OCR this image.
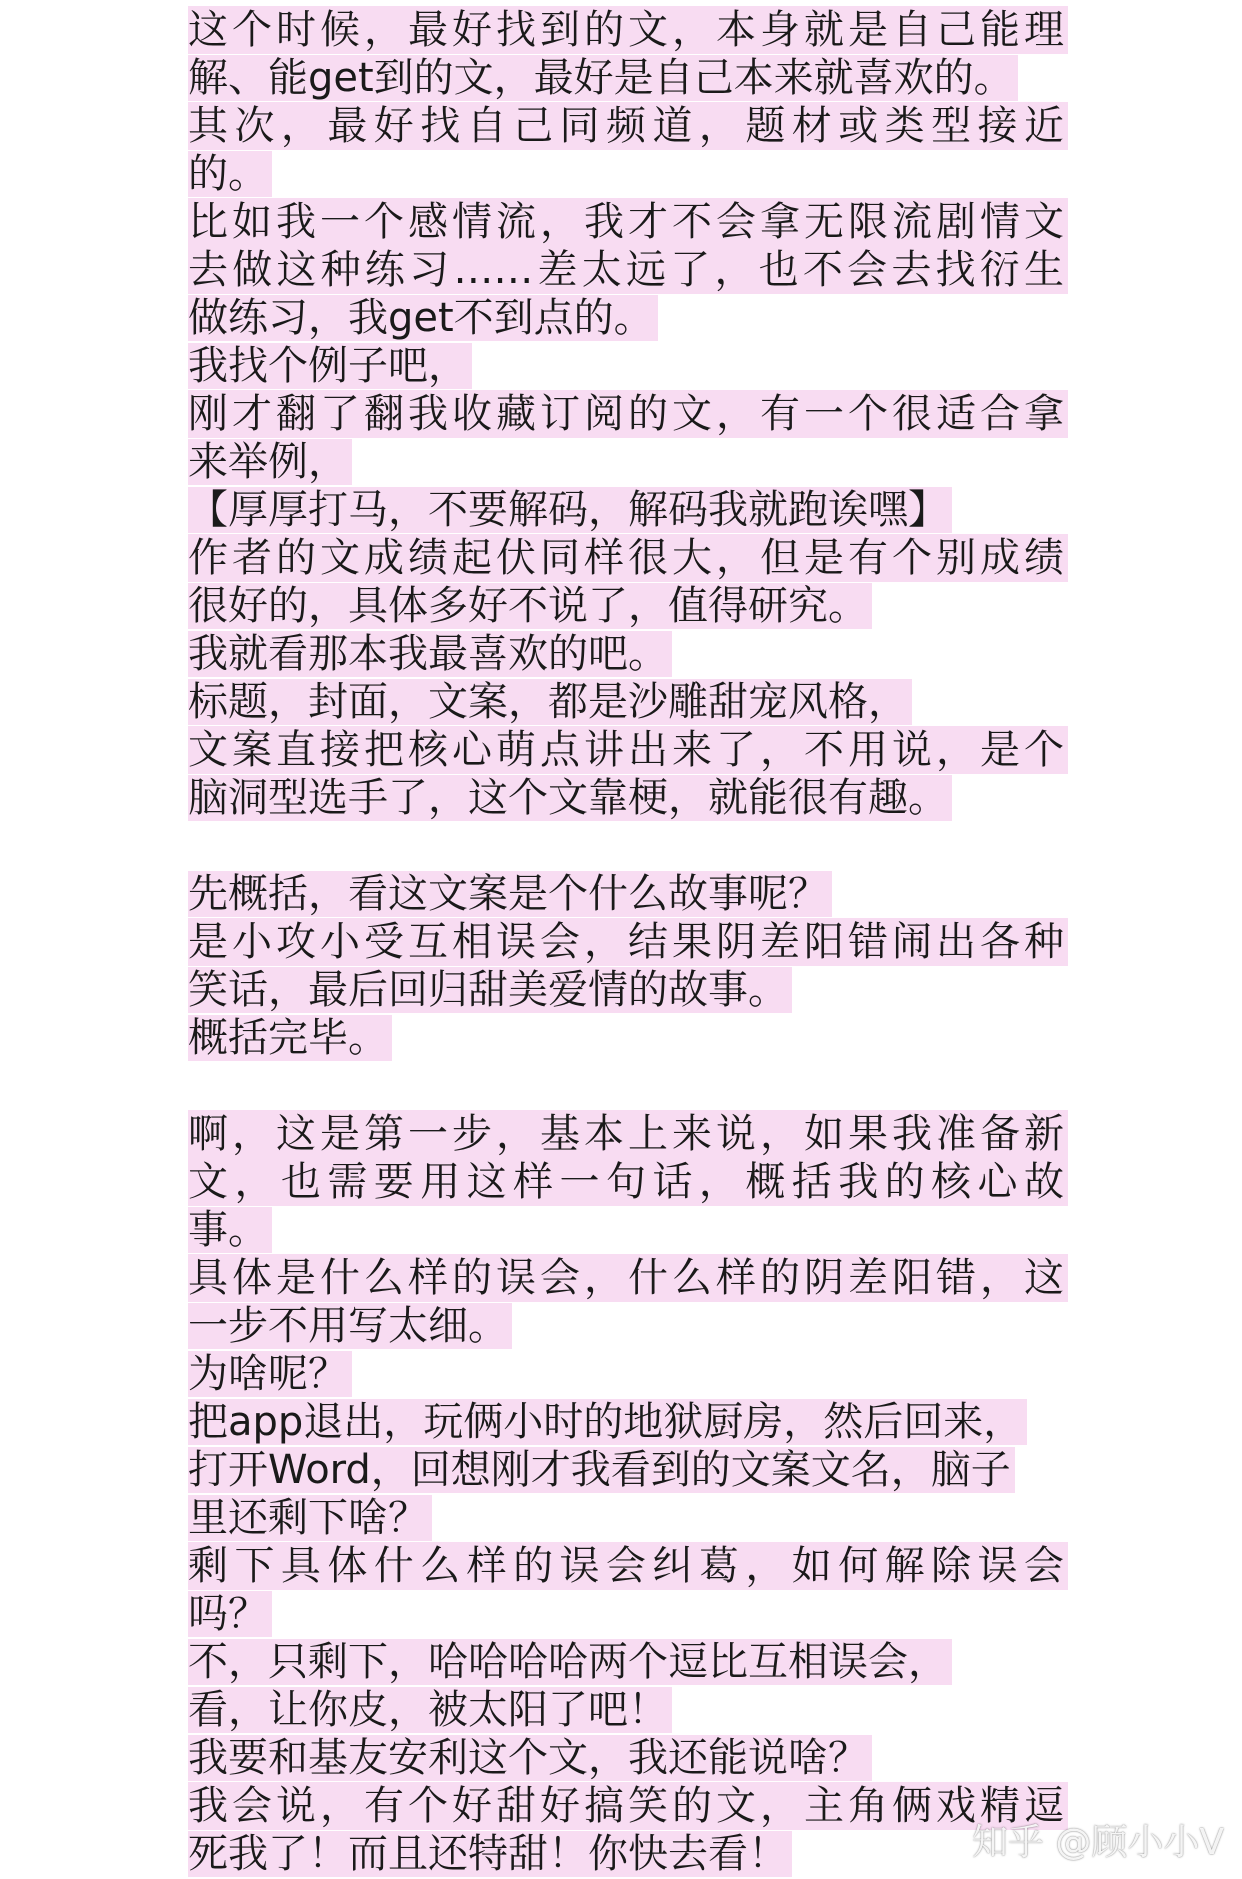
这个时候，最好找到的文，本身就是自己能理
解、能get到的文，最好是自己本来就喜欢的。
其次，最好找自己同频道，题材或类型接近
的。
比如我一个感情流，我才不会拿无限流剧情文
去做这种练习……差太远了，也不会去找衍生
做练习，我get不到点的。
我找个例子吧，
刚才翻了翻我收藏订阅的文，有一个很适合拿
来举例，
【厚厚打马，不要解码，解码我就跑诶嘿】
作者的文成绩起伏同样很大，但是有个别成绩
很好的，具体多好不说了，值得研究。
我就看那本我最喜欢的吧。
标题，封面，文案，都是沙雕甜宠风格，
文案直接把核心萌点讲出来了，不用说，是个
脑洞型选手了，这个文靠梗，就能很有趣。
先概括，看这文案是个什么故事呢？
是小攻小受互相误会，结果阴差阳错闹出各种
笑话，最后回归甜美爱情的故事。
概括完毕。
啊，这是第一步，基本上来说，如果我准备新
文，也需要用这样一句话，概括我的核心故
事。
具体是什么样的误会，什么样的阴差阳错，这
一步不用写太细。
为啥呢？
把app退出，玩俩小时的地狱厨房，然后回来，
打开Word，回想刚才我看到的文案文名，脑子
里还剩下啥？
剩下具体什么样的误会纠葛，如何解除误会
吗？
不，只剩下，哈哈哈哈两个逗比互相误会，
看，让你皮，被太阳了吧！
我要和基友安利这个文，我还能说啥？
我会说，有个好甜好搞笑的文，主角俩戏精逗
死我了！而且还特甜！你快去看！	知乎 @顾小小V
